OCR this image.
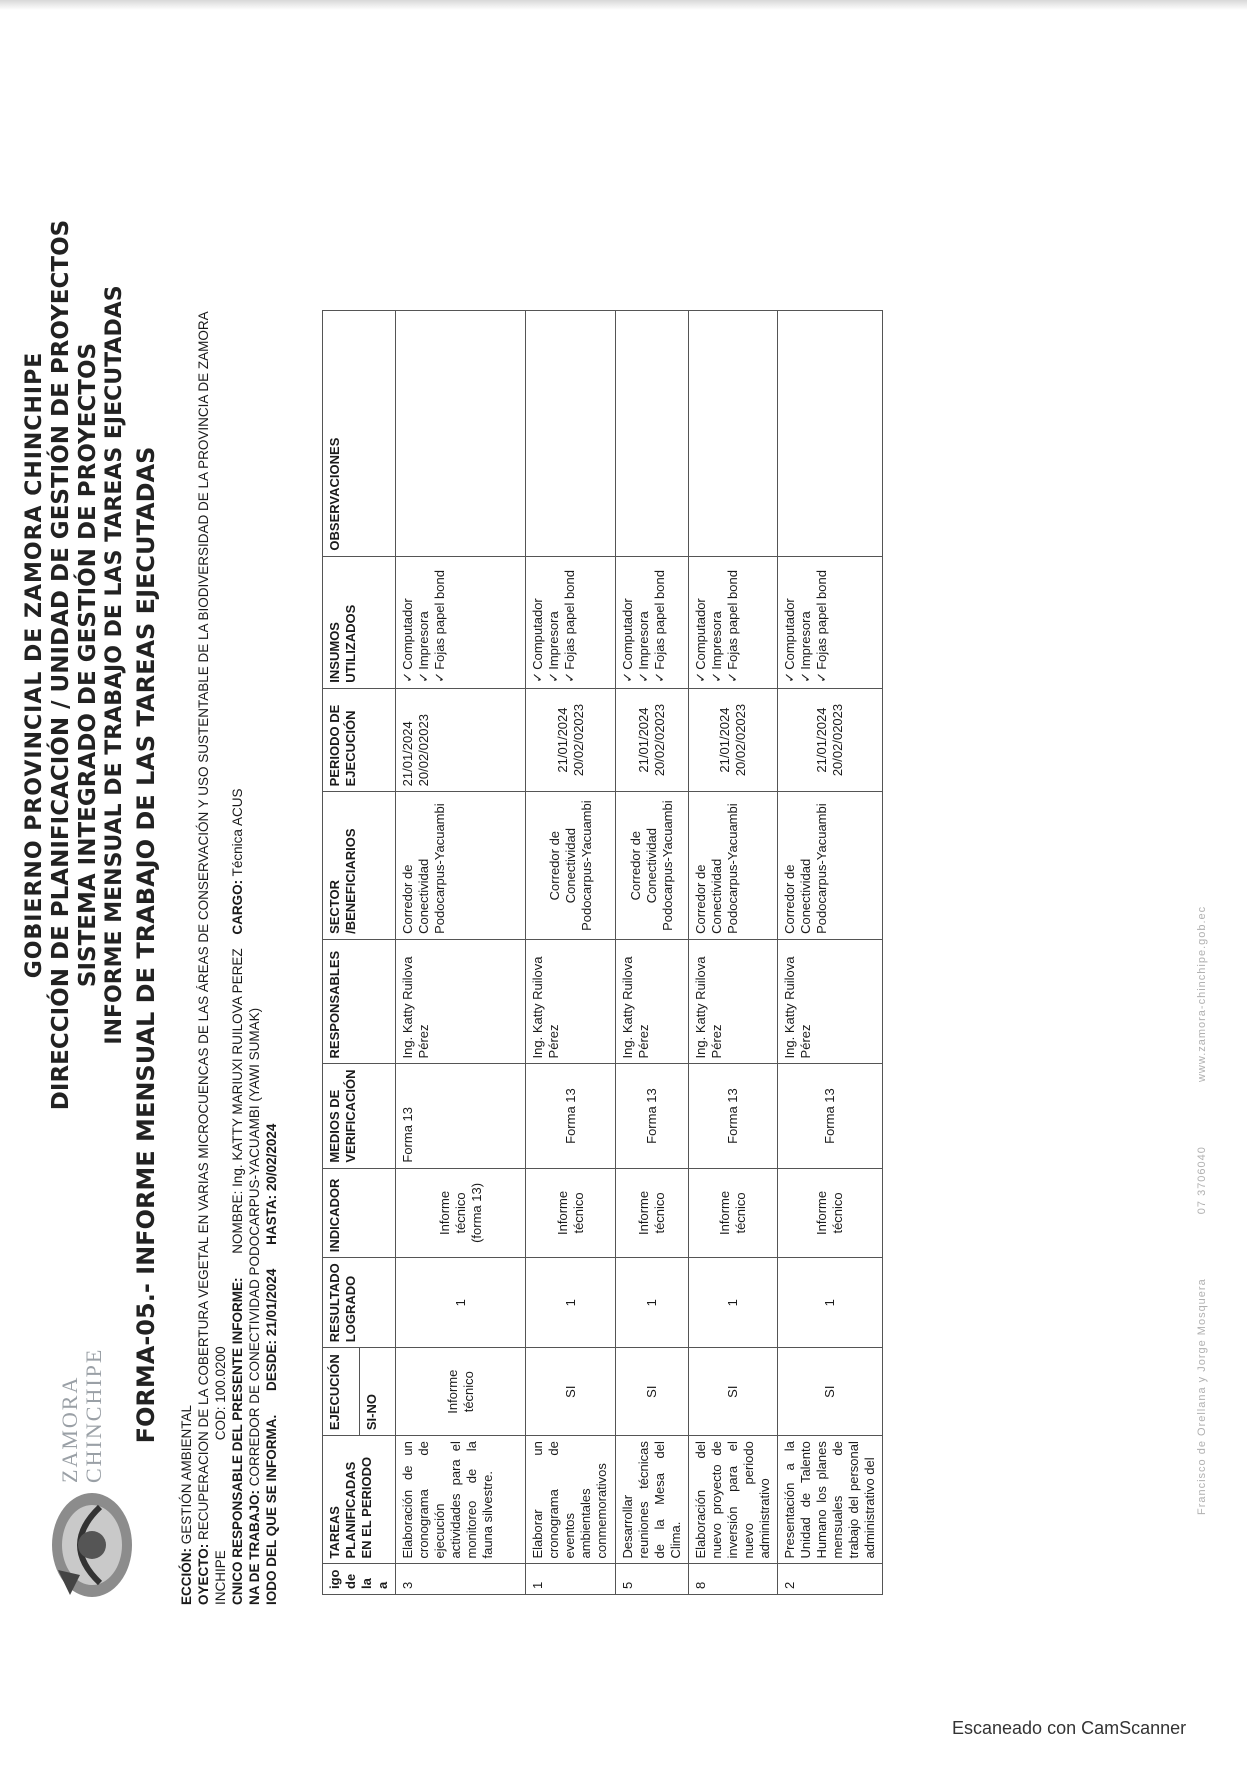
ZAMORA CHINCHIPE
GOBIERNO PROVINCIAL DE ZAMORA CHINCHIPE DIRECCIÓN DE PLANIFICACIÓN / UNIDAD DE GESTIÓN DE PROYECTOS SISTEMA INTEGRADO DE GESTIÓN DE PROYECTOS INFORME MENSUAL DE TRABAJO DE LAS TAREAS EJECUTADAS FORMA-05.- INFORME MENSUAL DE TRABAJO DE LAS TAREAS EJECUTADAS
ECCIÓN: GESTIÓN AMBIENTAL
OYECTO: RECUPERACION DE LA COBERTURA VEGETAL EN VARIAS MICROCUENCAS DE LAS ÁREAS DE CONSERVACIÓN Y USO SUSTENTABLE DE LA BIODIVERSIDAD DE LA PROVINCIA DE ZAMORA
INCHIPECOD: 100.0200 CNICO RESPONSABLE DEL PRESENTE INFORME: NOMBRE: Ing. KATTY MARIUXI RUILOVA PEREZ CARGO: Técnica ACUS
NA DE TRABAJO: CORREDOR DE CONECTIVIDAD PODOCARPUS-YACUAMBI (YAWI SUMAK)
IODO DEL QUE SE INFORMA. DESDE: 21/01/2024 HASTA: 20/02/2024
igo de la a	TAREAS PLANIFICADAS EN EL PERIODO	EJECUCIÓN	RESULTADO LOGRADO	INDICADOR	MEDIOS DE VERIFICACIÓN	RESPONSABLES	SECTOR /BENEFICIARIOS	PERIODO DE EJECUCIÓN	INSUMOS UTILIZADOS	OBSERVACIONES
		SI-NO								
3	Elaboración de un cronograma de ejecución actividades para el monitoreo de la fauna silvestre.	Informe técnico	1	Informe técnico (forma 13)	Forma 13	Ing. Katty Ruilova Pérez	Corredor de Conectividad Podocarpus-Yacuambi	21/01/2024 20/02/02023	✓ Computador ✓ Impresora ✓ Fojas papel bond

1	Elaborar un cronograma de eventos ambientales conmemorativos	SI	1	Informe técnico	Forma 13	Ing. Katty Ruilova Pérez	Corredor de Conectividad Podocarpus-Yacuambi	21/01/2024 20/02/02023	✓ Computador ✓ Impresora ✓ Fojas papel bond

5	Desarrollar reuniones técnicas de la Mesa del Clima.	SI	1	Informe técnico	Forma 13	Ing. Katty Ruilova Pérez	Corredor de Conectividad Podocarpus-Yacuambi	21/01/2024 20/02/02023	✓ Computador ✓ Impresora ✓ Fojas papel bond

8	Elaboración del nuevo proyecto de inversión para el nuevo periodo administrativo	SI	1	Informe técnico	Forma 13	Ing. Katty Ruilova Pérez	Corredor de Conectividad Podocarpus-Yacuambi	21/01/2024 20/02/02023	✓ Computador ✓ Impresora ✓ Fojas papel bond

2	Presentación a la Unidad de Talento Humano los planes mensuales de trabajo del personal administrativo del	SI	1	Informe técnico	Forma 13	Ing. Katty Ruilova Pérez	Corredor de Conectividad Podocarpus-Yacuambi	21/01/2024 20/02/02023	✓ Computador ✓ Impresora ✓ Fojas papel bond

Francisco de Orellana y Jorge Mosquera 07 3706040 www.zamora-chinchipe.gob.ec
Escaneado con CamScanner
